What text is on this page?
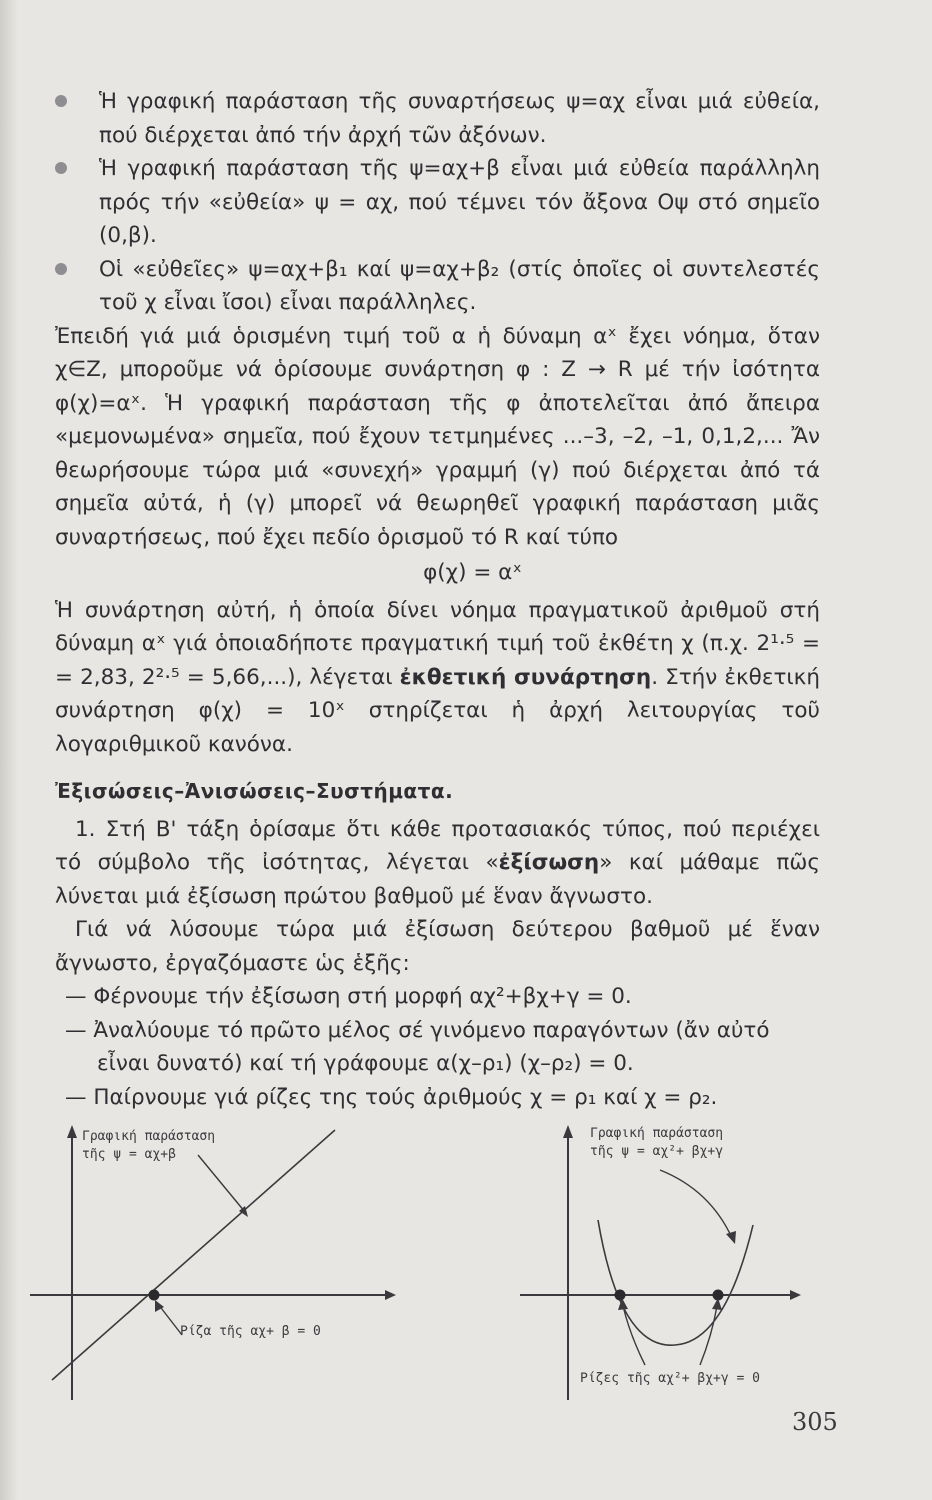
Ἡ γραφική παράσταση τῆς συναρτήσεως ψ=αχ εἶναι μιά εὐθεία, πού διέρχεται ἀπό τήν ἀρχή τῶν ἀξόνων.
Ἡ γραφική παράσταση τῆς ψ=αχ+β εἶναι μιά εὐθεία παράλληλη πρός τήν «εὐθεία» ψ = αχ, πού τέμνει τόν ἄξονα Οψ στό σημεῖο (0,β).
Οἱ «εὐθεῖες» ψ=αχ+β₁ καί ψ=αχ+β₂ (στίς ὁποῖες οἱ συντελεστές τοῦ χ εἶναι ἴσοι) εἶναι παράλληλες.

Ἐπειδή γιά μιά ὁρισμένη τιμή τοῦ α ἡ δύναμη αˣ ἔχει νόημα, ὅταν χ∈Ζ, μποροῦμε νά ὁρίσουμε συνάρτηση φ : Ζ → R μέ τήν ἰσότητα φ(χ)=αˣ. Ἡ γραφική παράσταση τῆς φ ἀποτελεῖται ἀπό ἄπειρα «μεμονωμένα» σημεῖα, πού ἔχουν τετμημένες ...–3, –2, –1, 0,1,2,... Ἄν θεωρήσουμε τώρα μιά «συνεχή» γραμμή (γ) πού διέρχεται ἀπό τά σημεῖα αὐτά, ἡ (γ) μπορεῖ νά θεωρηθεῖ γραφική παράσταση μιᾶς συναρτήσεως, πού ἔχει πεδίο ὁρισμοῦ τό R καί τύπο

φ(χ) = αˣ

Ἡ συνάρτηση αὐτή, ἡ ὁποία δίνει νόημα πραγματικοῦ ἀριθμοῦ στή δύναμη αˣ γιά ὁποιαδήποτε πραγματική τιμή τοῦ ἐκθέτη χ (π.χ. 2¹·⁵ = = 2,83, 2²·⁵ = 5,66,...), λέγεται ἐκθετική συνάρτηση. Στήν ἐκθετική συνάρτηση φ(χ) = 10ˣ στηρίζεται ἡ ἀρχή λειτουργίας τοῦ λογαριθμικοῦ κανόνα.

Ἐξισώσεις–Ἀνισώσεις–Συστήματα.

1. Στή Β' τάξη ὁρίσαμε ὅτι κάθε προτασιακός τύπος, πού περιέχει τό σύμβολο τῆς ἰσότητας, λέγεται «ἐξίσωση» καί μάθαμε πῶς λύνεται μιά ἐξίσωση πρώτου βαθμοῦ μέ ἕναν ἄγνωστο.

Γιά νά λύσουμε τώρα μιά ἐξίσωση δεύτερου βαθμοῦ μέ ἕναν ἄγνωστο, ἐργαζόμαστε ὡς ἑξῆς:

— Φέρνουμε τήν ἐξίσωση στή μορφή αχ²+βχ+γ = 0.
— Ἀναλύουμε τό πρῶτο μέλος σέ γινόμενο παραγόντων (ἄν αὐτό
εἶναι δυνατό) καί τή γράφουμε α(χ–ρ₁) (χ–ρ₂) = 0.
— Παίρνουμε γιά ρίζες της τούς ἀριθμούς χ = ρ₁ καί χ = ρ₂.
Γραφική παράσταση
τῆς ψ = αχ+β
Ρίζα τῆς αχ+ β = 0
Γραφική παράσταση
τῆς ψ = αχ²+ βχ+γ
Ρίζες τῆς αχ²+ βχ+γ = 0
305
